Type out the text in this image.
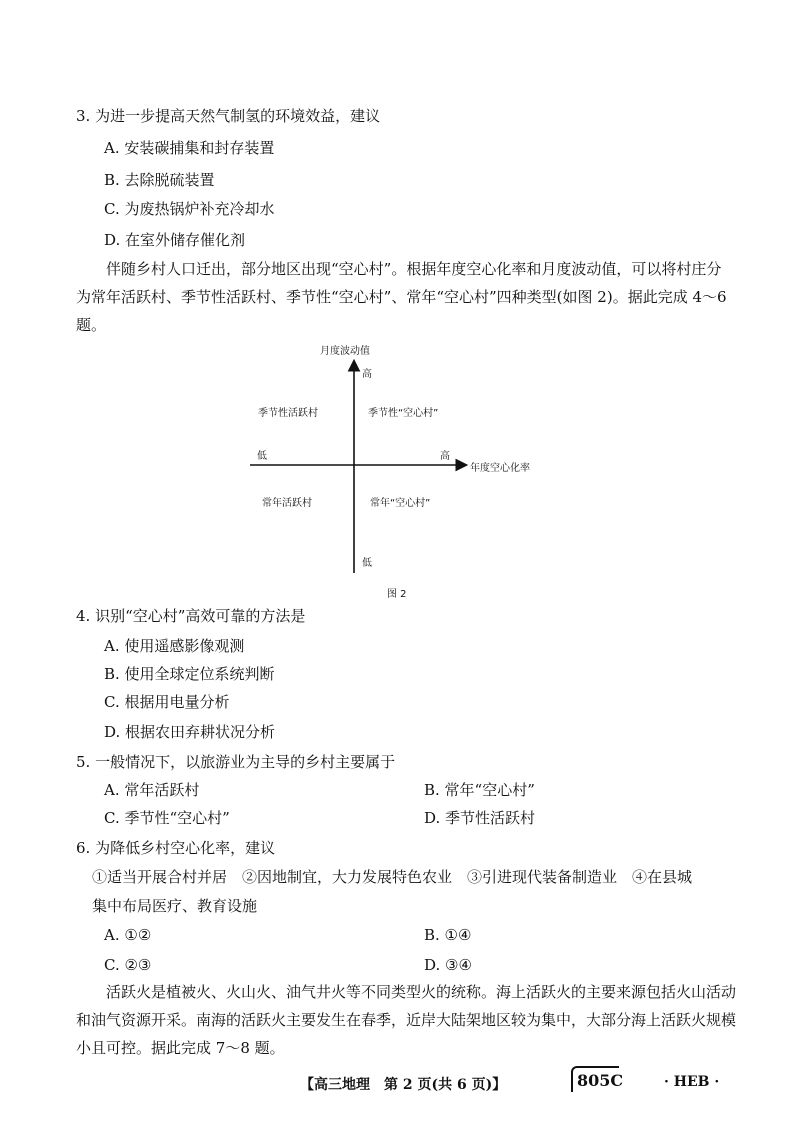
3. 为进一步提高天然气制氢的环境效益，建议
A. 安装碳捕集和封存装置
B. 去除脱硫装置
C. 为废热锅炉补充冷却水
D. 在室外储存催化剂
伴随乡村人口迁出，部分地区出现“空心村”。根据年度空心化率和月度波动值，可以将村庄分为常年活跃村、季节性活跃村、季节性“空心村”、常年“空心村”四种类型(如图 2)。据此完成 4～6 题。
月度波动值
高
低
年度空心化率
高
低
季节性活跃村	季节性“空心村”
常年活跃村	常年“空心村”
图 2
4. 识别“空心村”高效可靠的方法是
A. 使用遥感影像观测
B. 使用全球定位系统判断
C. 根据用电量分析
D. 根据农田弃耕状况分析
5. 一般情况下，以旅游业为主导的乡村主要属于
A. 常年活跃村	B. 常年“空心村”
C. 季节性“空心村”	D. 季节性活跃村
6. 为降低乡村空心化率，建议
①适当开展合村并居　②因地制宜，大力发展特色农业　③引进现代装备制造业　④在县城
集中布局医疗、教育设施
A. ①②	B. ①④
C. ②③	D. ③④
活跃火是植被火、火山火、油气井火等不同类型火的统称。海上活跃火的主要来源包括火山活动和油气资源开采。南海的活跃火主要发生在春季，近岸大陆架地区较为集中，大部分海上活跃火规模小且可控。据此完成 7～8 题。
【高三地理　第 2 页(共 6 页)】	805C	· HEB ·
